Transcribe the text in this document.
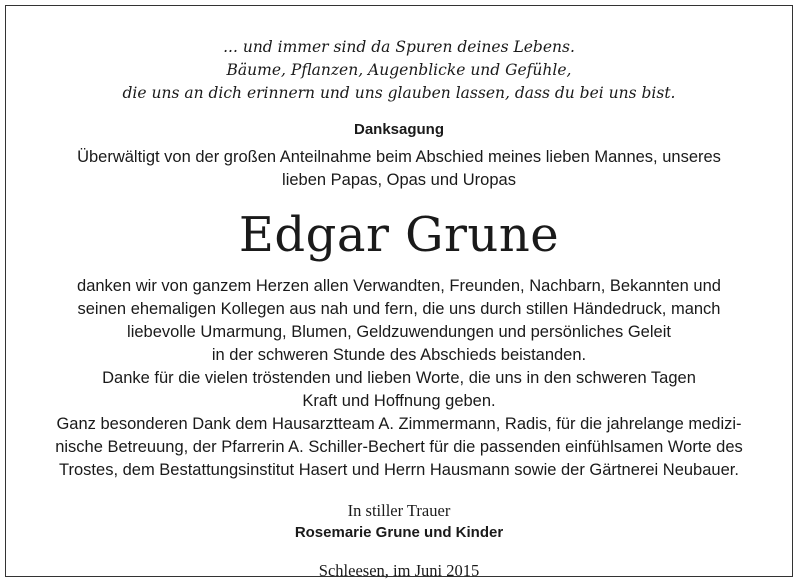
... und immer sind da Spuren deines Lebens.
Bäume, Pflanzen, Augenblicke und Gefühle,
die uns an dich erinnern und uns glauben lassen, dass du bei uns bist.
Danksagung
Überwältigt von der großen Anteilnahme beim Abschied meines lieben Mannes, unseres
lieben Papas, Opas und Uropas
Edgar Grune
danken wir von ganzem Herzen allen Verwandten, Freunden, Nachbarn, Bekannten und
seinen ehemaligen Kollegen aus nah und fern, die uns durch stillen Händedruck, manch
liebevolle Umarmung, Blumen, Geldzuwendungen und persönliches Geleit
in der schweren Stunde des Abschieds beistanden.
Danke für die vielen tröstenden und lieben Worte, die uns in den schweren Tagen
Kraft und Hoffnung geben.
Ganz besonderen Dank dem Hausarztteam A. Zimmermann, Radis, für die jahrelange medizi-
nische Betreuung, der Pfarrerin A. Schiller-Bechert für die passenden einfühlsamen Worte des
Trostes, dem Bestattungsinstitut Hasert und Herrn Hausmann sowie der Gärtnerei Neubauer.
In stiller Trauer
Rosemarie Grune und Kinder
Schleesen, im Juni 2015
